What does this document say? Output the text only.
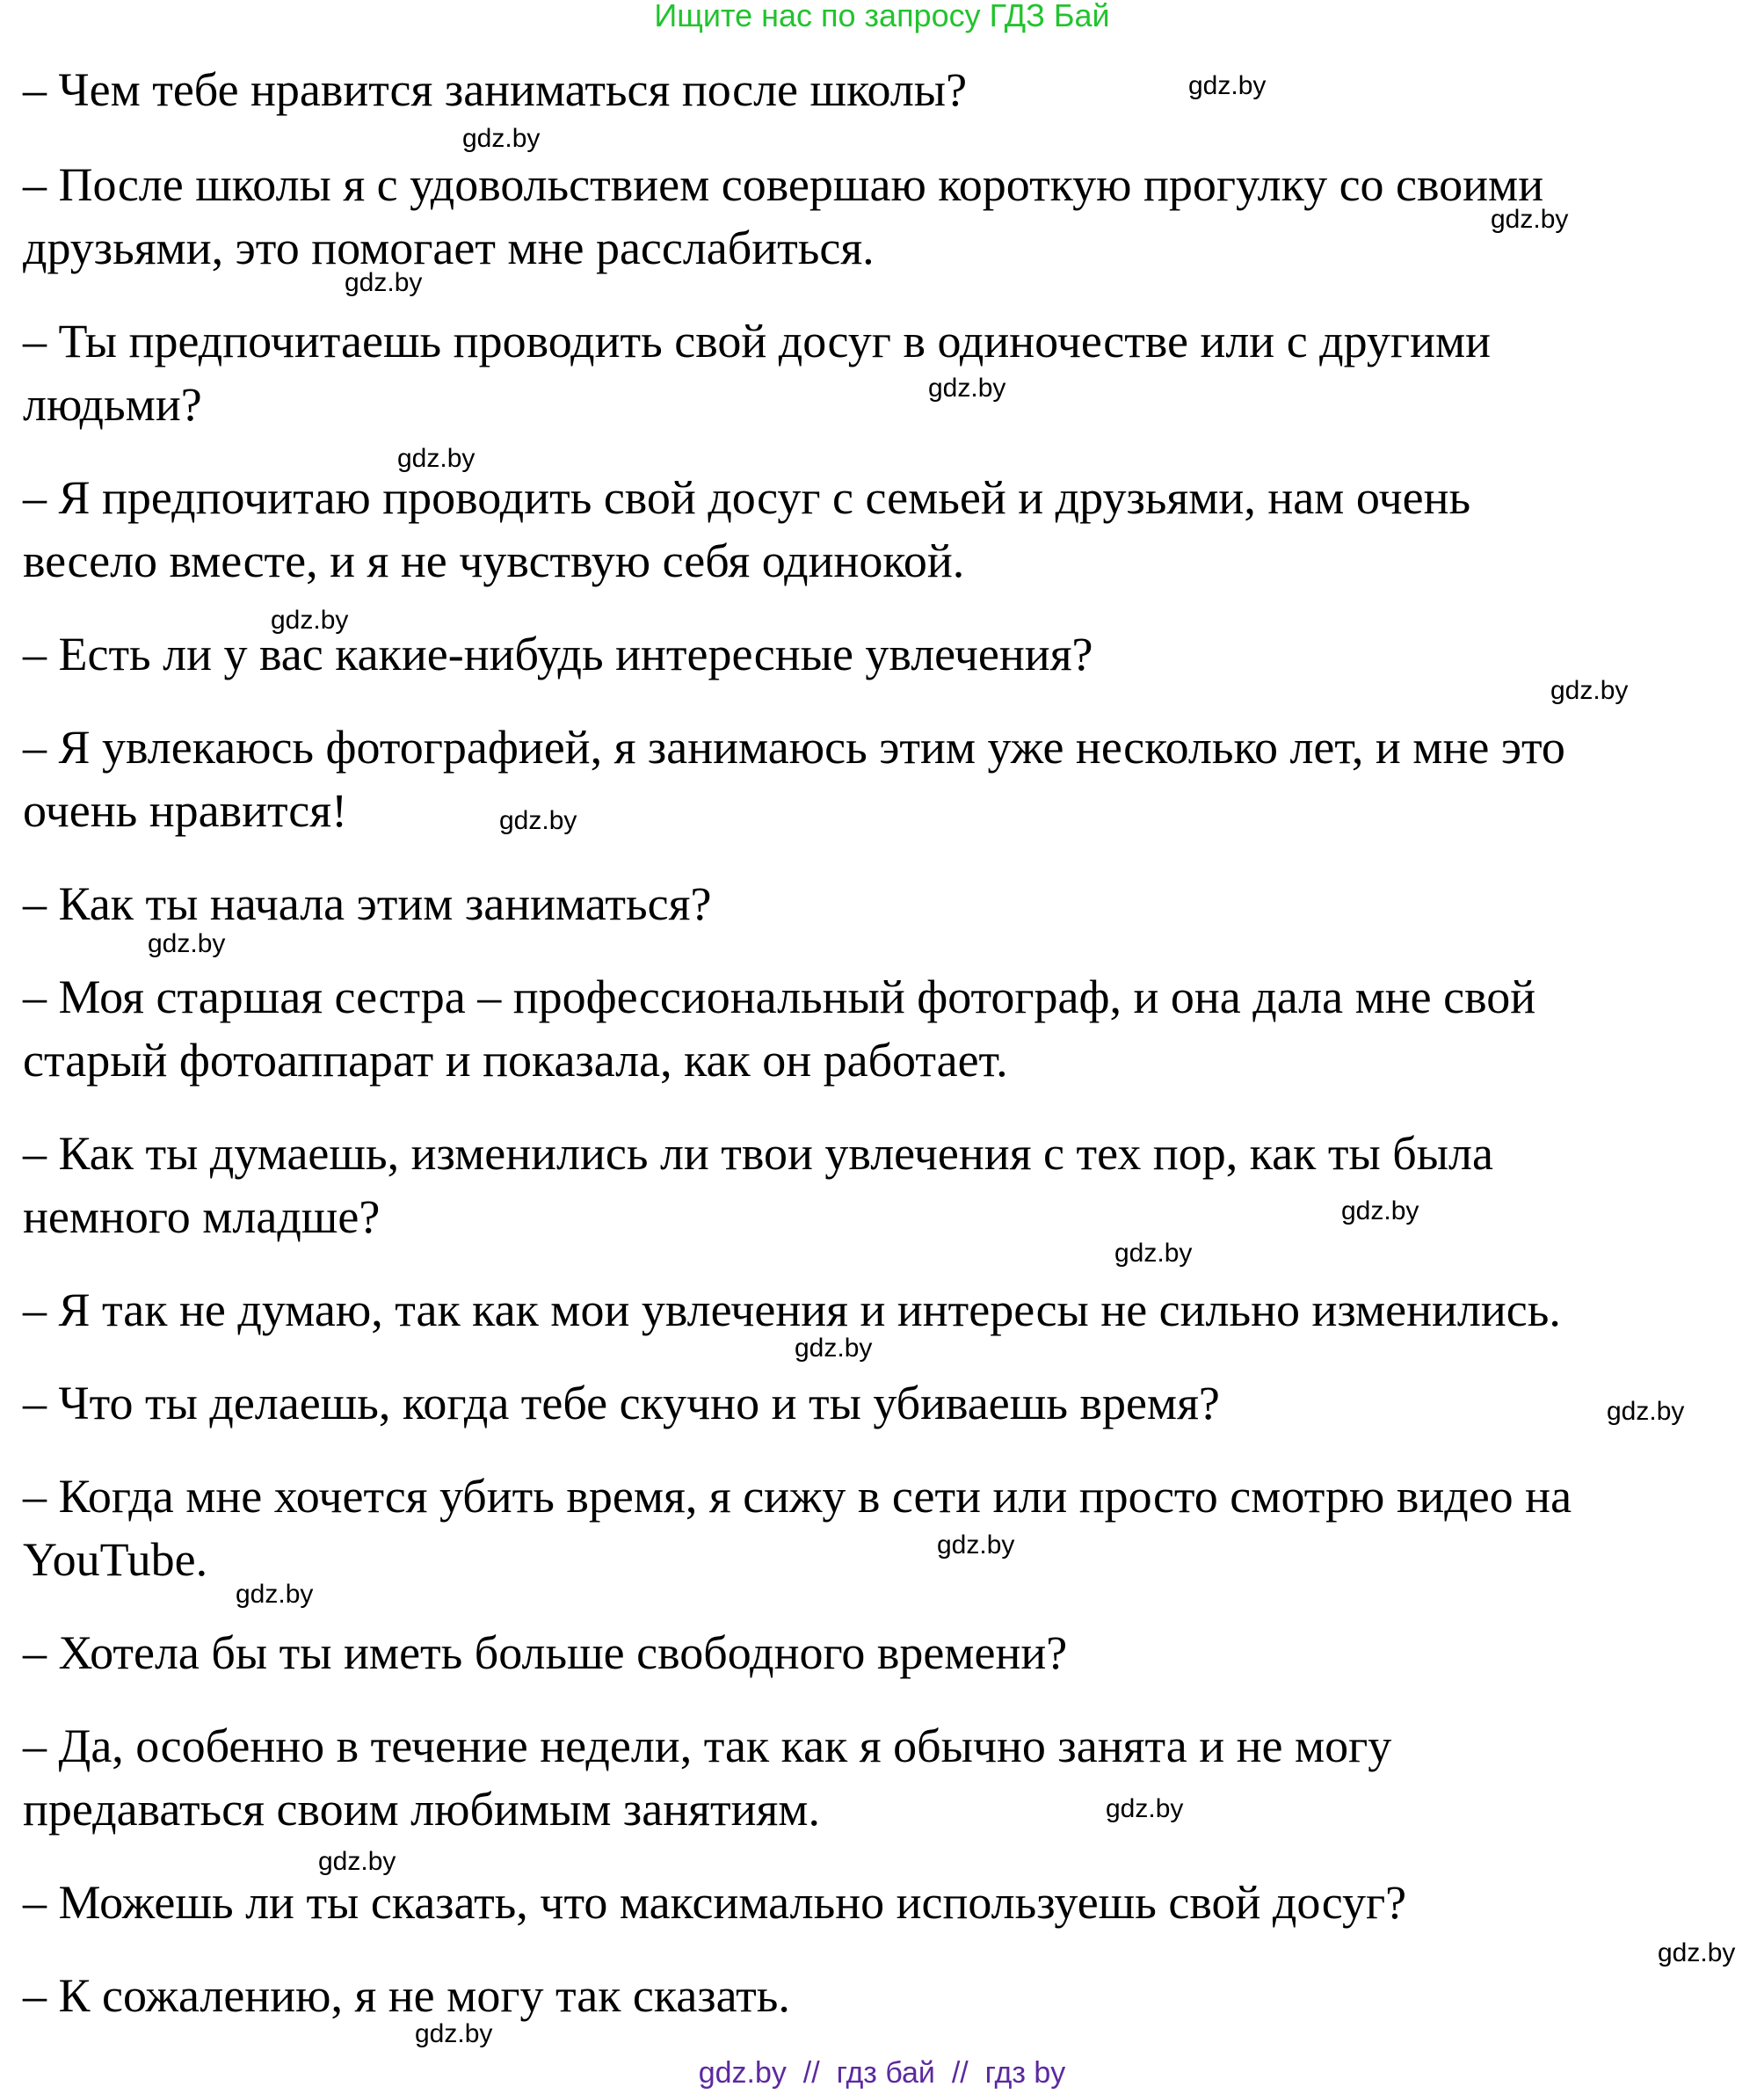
Ищите нас по запросу ГДЗ Бай
– Чем тебе нравится заниматься после школы?
– После школы я с удовольствием совершаю короткую прогулку со своими
друзьями, это помогает мне расслабиться.
– Ты предпочитаешь проводить свой досуг в одиночестве или с другими
людьми?
– Я предпочитаю проводить свой досуг с семьей и друзьями, нам очень
весело вместе, и я не чувствую себя одинокой.
– Есть ли у вас какие-нибудь интересные увлечения?
– Я увлекаюсь фотографией, я занимаюсь этим уже несколько лет, и мне это
очень нравится!
– Как ты начала этим заниматься?
– Моя старшая сестра – профессиональный фотограф, и она дала мне свой
старый фотоаппарат и показала, как он работает.
– Как ты думаешь, изменились ли твои увлечения с тех пор, как ты была
немного младше?
– Я так не думаю, так как мои увлечения и интересы не сильно изменились.
– Что ты делаешь, когда тебе скучно и ты убиваешь время?
– Когда мне хочется убить время, я сижу в сети или просто смотрю видео на
YouTube.
– Хотела бы ты иметь больше свободного времени?
– Да, особенно в течение недели, так как я обычно занята и не могу
предаваться своим любимым занятиям.
– Можешь ли ты сказать, что максимально используешь свой досуг?
– К сожалению, я не могу так сказать.
gdz.by
gdz.by
gdz.by
gdz.by
gdz.by
gdz.by
gdz.by
gdz.by
gdz.by
gdz.by
gdz.by
gdz.by
gdz.by
gdz.by
gdz.by
gdz.by
gdz.by
gdz.by
gdz.by
gdz.by
gdz.by  //  гдз бай  //  гдз by
